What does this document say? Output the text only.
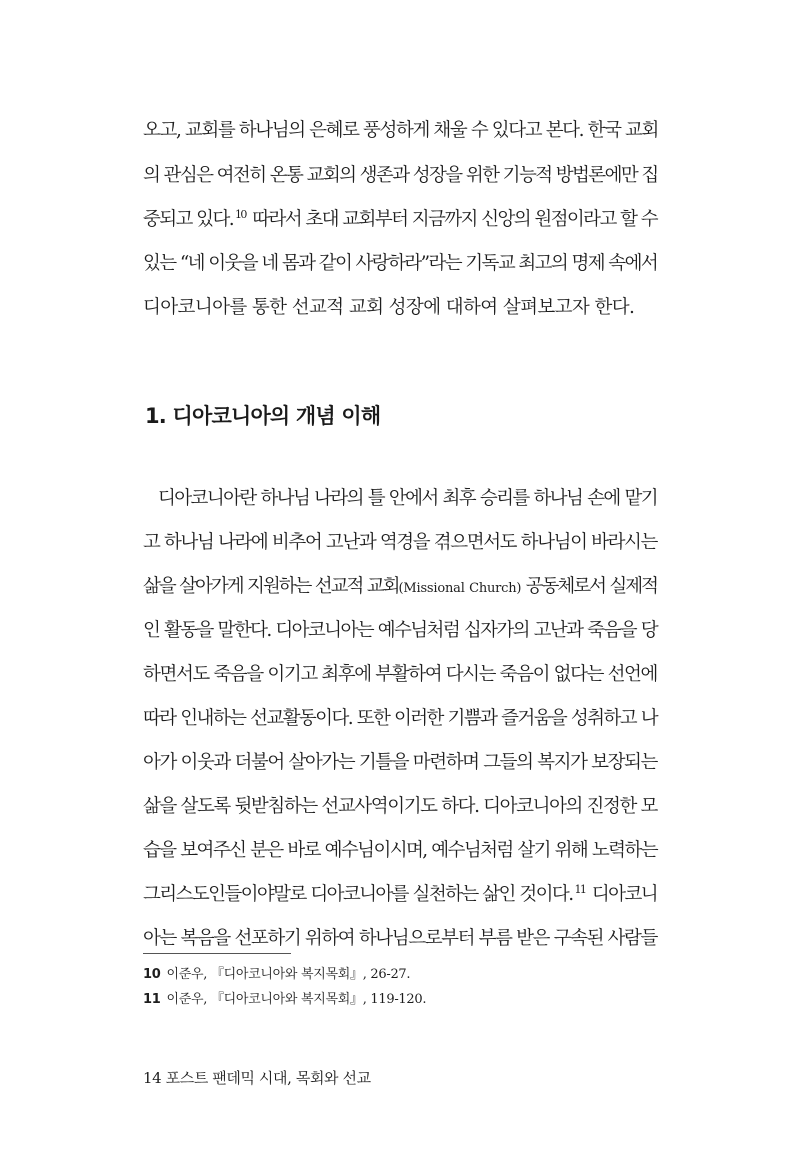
오고, 교회를 하나님의 은혜로 풍성하게 채울 수 있다고 본다. 한국 교회
의 관심은 여전히 온통 교회의 생존과 성장을 위한 기능적 방법론에만 집
중되고 있다. $^{10}$ 따라서 초대 교회부터 지금까지 신앙의 원점이라고 할 수
있는 “네 이웃을 네 몸과 같이 사랑하라”라는 기독교 최고의 명제 속에서
디아코니아를 통한 선교적 교회 성장에 대하여 살펴보고자 한다.
1. 디아코니아의 개념 이해
디아코니아란 하나님 나라의 틀 안에서 최후 승리를 하나님 손에 맡기
고 하나님 나라에 비추어 고난과 역경을 겪으면서도 하나님이 바라시는
삶을 살아가게 지원하는 선교적 교회(Missional Church) 공동체로서 실제적
인 활동을 말한다. 디아코니아는 예수님처럼 십자가의 고난과 죽음을 당
하면서도 죽음을 이기고 최후에 부활하여 다시는 죽음이 없다는 선언에
따라 인내하는 선교활동이다. 또한 이러한 기쁨과 즐거움을 성취하고 나
아가 이웃과 더불어 살아가는 기틀을 마련하며 그들의 복지가 보장되는
삶을 살도록 뒷받침하는 선교사역이기도 하다. 디아코니아의 진정한 모
습을 보여주신 분은 바로 예수님이시며, 예수님처럼 살기 위해 노력하는
그리스도인들이야말로 디아코니아를 실천하는 삶인 것이다. $^{11}$ 디아코니
아는 복음을 선포하기 위하여 하나님으로부터 부름 받은 구속된 사람들
10 이준우, 『디아코니아와 복지목회』, 26-27.
11 이준우, 『디아코니아와 복지목회』, 119-120.
14 포스트 팬데믹 시대, 목회와 선교
